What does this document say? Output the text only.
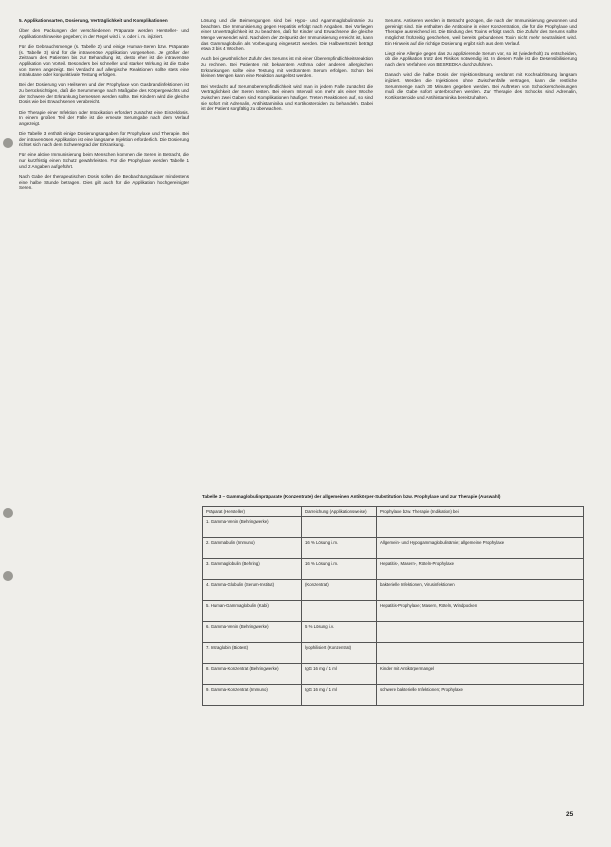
5. Applikationsarten, Dosierung, Verträglichkeit und Komplikationen

Über den Packungen der verschiedenen Präparate werden Hersteller- und Applikationshinweise gegeben; in der Regel wird i. v. oder i. m. injiziert.

Für die Gebrauchsmenge (s. Tabelle 2) und einige Human-Seren bzw. Präparate (s. Tabelle 3) sind für die intravenöse Applikation vorgesehen. Je größer der Zeitraum des Patienten bis zur Behandlung ist, desto eher ist die intravenöse Applikation von Vorteil. Besonders bei schneller und starker Wirkung ist die Gabe von Seren angezeigt. Bei Verdacht auf allergische Reaktionen sollte stets eine intrakutane oder konjunktivale Testung erfolgen.

Bei der Dosierung von Heilseren und der Prophylaxe von Gasbrandinfektionen ist zu berücksichtigen, daß die Serummenge nach Maßgabe des Körpergewichts und der Schwere der Erkrankung bemessen werden sollte. Bei Kindern wird die gleiche Dosis wie bei Erwachsenen verabreicht.

Die Therapie einer Infektion oder Intoxikation erfordert zunächst eine Einzeldosis. In einem großen Teil der Fälle ist die erneute Serumgabe nach dem Verlauf angezeigt.

Die Tabelle 3 enthält einige Dosierungsangaben für Prophylaxe und Therapie. Bei der intravenösen Applikation ist eine langsame Injektion erforderlich. Die Dosierung richtet sich nach dem Schweregrad der Erkrankung.

Für eine aktive Immunisierung beim Menschen kommen die Seren in Betracht, die nur kurzfristig einen Schutz gewährleisten. Für die Prophylaxe werden Tabelle 1 und 2 Angaben aufgeführt.

Nach Gabe der therapeutischen Dosis sollen die Beobachtungsdauer mindestens eine halbe Stunde betragen. Dies gilt auch für die Applikation hochgereinigter Seren.

Lösung und die Beimengungen sind bei Hypo- und Agammaglobulinämie zu beachten. Die Immunisierung gegen Hepatitis erfolgt nach Angaben. Bei Vorliegen einer Unverträglichkeit ist zu beachten, daß für Kinder und Erwachsene die gleiche Menge verwendet wird. Nachdem der Zeitpunkt der Immunisierung erreicht ist, kann das Gammaglobulin als Vorbeugung eingesetzt werden. Die Halbwertszeit beträgt etwa 3 bis 4 Wochen.

Auch bei gewöhnlicher Zufuhr des Serums ist mit einer Überempfindlichkeitsreaktion zu rechnen. Bei Patienten mit bekanntem Asthma oder anderen allergischen Erkrankungen sollte eine Testung mit verdünntem Serum erfolgen. Schon bei kleinen Mengen kann eine Reaktion ausgelöst werden.

Bei Verdacht auf Serumüberempfindlichkeit wird man in jedem Falle zunächst die Verträglichkeit der Seren testen. Bei einem Intervall von mehr als einer Woche zwischen zwei Gaben sind Komplikationen häufiger. Treten Reaktionen auf, so sind sie sofort mit Adrenalin, Antihistaminika und Kortikosteroiden zu behandeln. Dabei ist der Patient sorgfältig zu überwachen.

Serums. Antiseren werden in Betracht gezogen, die nach der Immunisierung gewonnen und gereinigt sind. Sie enthalten die Antitoxine in einer Konzentration, die für die Prophylaxe und Therapie ausreichend ist. Die Bindung des Toxins erfolgt rasch. Die Zufuhr des Serums sollte möglichst frühzeitig geschehen, weil bereits gebundenes Toxin nicht mehr neutralisiert wird. Ein Hinweis auf die richtige Dosierung ergibt sich aus dem Verlauf.

Liegt eine Allergie gegen das zu applizierende Serum vor, so ist (wiederholt) zu entscheiden, ob die Applikation trotz des Risikos notwendig ist. In diesem Falle ist die Desensibilisierung nach dem Verfahren von BESREDKA durchzuführen.

Danach wird die halbe Dosis der Injektionslösung verdünnt mit Kochsalzlösung langsam injiziert. Werden die Injektionen ohne Zwischenfälle vertragen, kann die restliche Serummenge nach 30 Minuten gegeben werden. Bei Auftreten von Schockerscheinungen muß die Gabe sofort unterbrochen werden. Zur Therapie des Schocks sind Adrenalin, Kortikosteroide und Antihistaminika bereitzuhalten.

Tabelle 3 – Gammaglobulinpräparate (Konzentrate) der allgemeinen Antikörper-Substitution bzw. Prophylaxe und zur Therapie (Auswahl)
Präparat (Hersteller)	Darreichung (Applikationsweise)	Prophylaxe bzw. Therapie (Indikation) bei
1. Gamma-Venin (Behringwerke)		
2. Gammabulin (Immuno)	16 % Lösung i.m.	Allgemein- und Hypogammaglobulinämie; allgemeine Prophylaxe
3. Gammaglobulin (Behring)	16 % Lösung i.m.	Hepatitis-, Masern-, Röteln-Prophylaxe
4. Gamma-Globulin (Serum-Institut)	(Konzentrat)	bakterielle Infektionen, Virusinfektionen
5. Human-Gammaglobulin (Kabi)		Hepatitis-Prophylaxe; Masern, Röteln, Windpocken
6. Gamma-Venin (Behringwerke)	5 % Lösung i.v.	
7. Intraglobin (Biotest)	lyophilisiert (Konzentrat)	
8. Gamma-Konzentrat (Behringwerke)	IgG 16 mg / 1 ml	Kinder mit Antikörpermangel
9. Gamma-Konzentrat (Immuno)	IgG 16 mg / 1 ml	schwere bakterielle Infektionen; Prophylaxe
25
